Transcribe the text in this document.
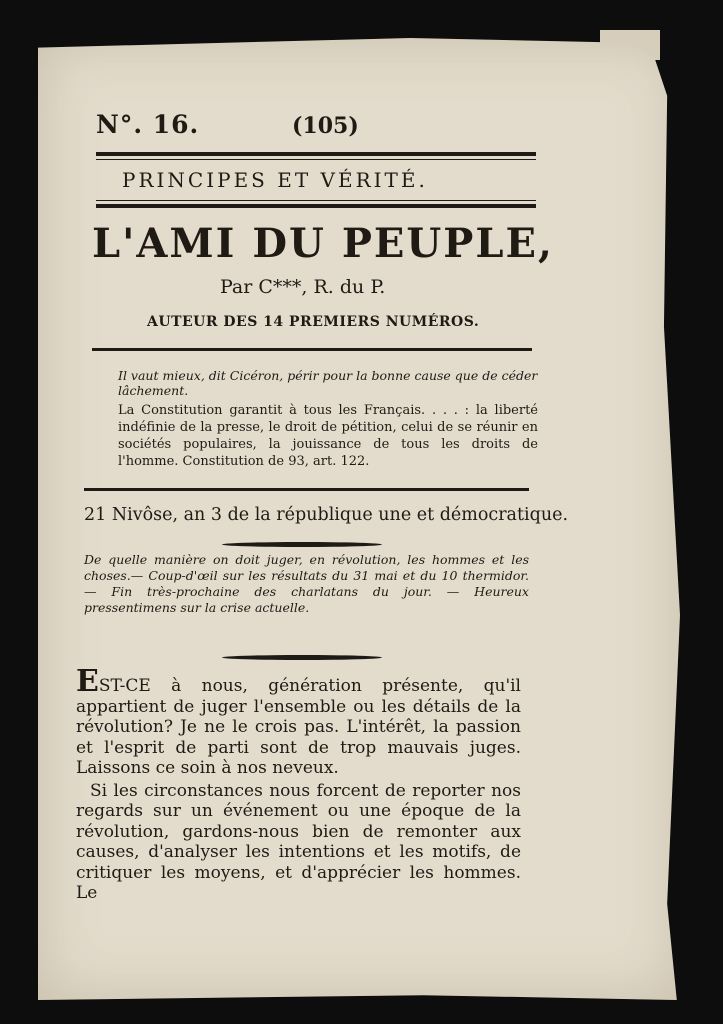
N°. 16.	(105)
PRINCIPES ET VÉRITÉ.
L'AMI DU PEUPLE,
Par C***, R. du P.
AUTEUR DES 14 PREMIERS NUMÉROS.
Il vaut mieux, dit Cicéron, périr pour la bonne cause que de céder lâchement.
La Constitution garantit à tous les Français. . . . : la liberté indéfinie de la presse, le droit de pétition, celui de se réunir en sociétés populaires, la jouissance de tous les droits de l'homme. Constitution de 93, art. 122.
21 Nivôse, an 3 de la république une et démocratique.
De quelle manière on doit juger, en révolution, les hommes et les choses.— Coup-d'œil sur les résultats du 31 mai et du 10 thermidor. — Fin très-prochaine des charlatans du jour. — Heureux pressentimens sur la crise actuelle.

EST-CE à nous, génération présente, qu'il appartient de juger l'ensemble ou les détails de la révolution? Je ne le crois pas. L'intérêt, la passion et l'esprit de parti sont de trop mauvais juges. Laissons ce soin à nos neveux.

Si les circonstances nous forcent de reporter nos regards sur un événement ou une époque de la révolution, gardons-nous bien de remonter aux causes, d'analyser les intentions et les motifs, de critiquer les moyens, et d'apprécier les hommes. Le
